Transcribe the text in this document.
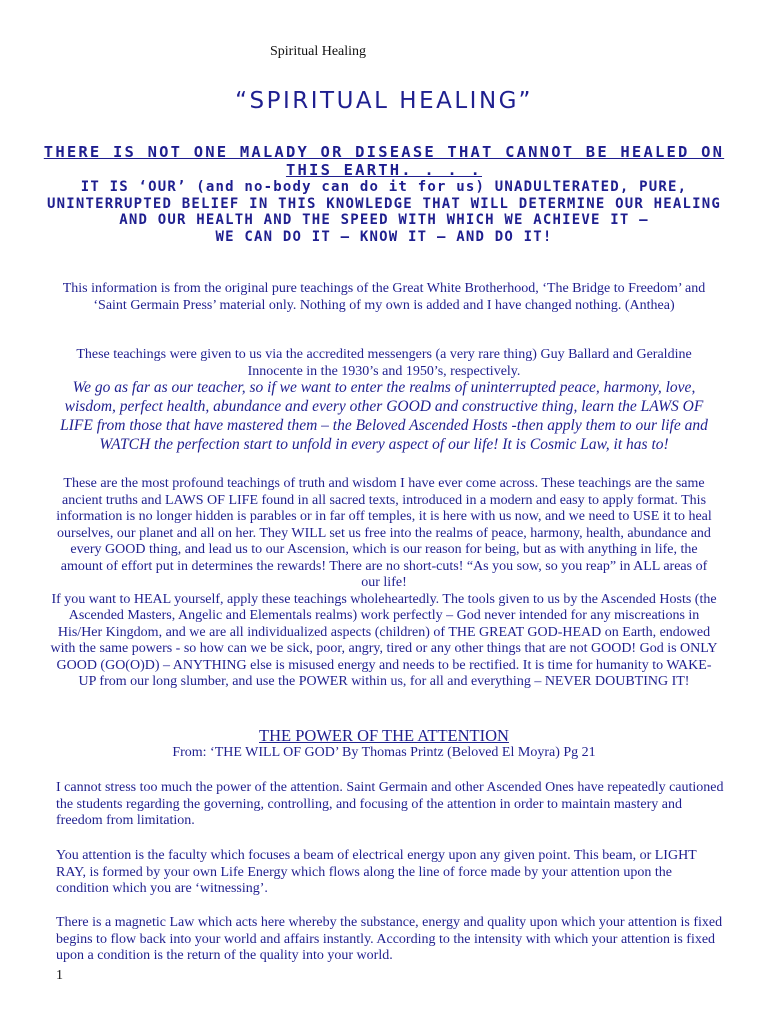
Spiritual Healing
“SPIRITUAL HEALING”
THERE IS NOT ONE MALADY OR DISEASE THAT CANNOT BE HEALED ON THIS EARTH. . . .
IT IS ‘OUR’ (and no-body can do it for us) UNADULTERATED, PURE, UNINTERRUPTED BELIEF IN THIS KNOWLEDGE THAT WILL DETERMINE OUR HEALING AND OUR HEALTH AND THE SPEED WITH WHICH WE ACHIEVE IT –
WE CAN DO IT – KNOW IT – AND DO IT!
This information is from the original pure teachings of the Great White Brotherhood, ‘The Bridge to Freedom’ and ‘Saint Germain Press’ material only. Nothing of my own is added and I have changed nothing. (Anthea)
These teachings were given to us via the accredited messengers (a very rare thing) Guy Ballard and Geraldine Innocente in the 1930’s and 1950’s, respectively.
We go as far as our teacher, so if we want to enter the realms of uninterrupted peace, harmony, love, wisdom, perfect health, abundance and every other GOOD and constructive thing, learn the LAWS OF LIFE from those that have mastered them – the Beloved Ascended Hosts -then apply them to our life and WATCH the perfection start to unfold in every aspect of our life! It is Cosmic Law, it has to!
These are the most profound teachings of truth and wisdom I have ever come across. These teachings are the same ancient truths and LAWS OF LIFE found in all sacred texts, introduced in a modern and easy to apply format. This information is no longer hidden is parables or in far off temples, it is here with us now, and we need to USE it to heal ourselves, our planet and all on her. They WILL set us free into the realms of peace, harmony, health, abundance and every GOOD thing, and lead us to our Ascension, which is our reason for being, but as with anything in life, the amount of effort put in determines the rewards! There are no short-cuts! “As you sow, so you reap” in ALL areas of our life!
If you want to HEAL yourself, apply these teachings wholeheartedly. The tools given to us by the Ascended Hosts (the Ascended Masters, Angelic and Elementals realms) work perfectly – God never intended for any miscreations in His/Her Kingdom, and we are all individualized aspects (children) of THE GREAT GOD-HEAD on Earth, endowed with the same powers - so how can we be sick, poor, angry, tired or any other things that are not GOOD! God is ONLY GOOD (GO(O)D) – ANYTHING else is misused energy and needs to be rectified. It is time for humanity to WAKE-UP from our long slumber, and use the POWER within us, for all and everything – NEVER DOUBTING IT!
THE POWER OF THE ATTENTION
From: ‘THE WILL OF GOD’ By Thomas Printz (Beloved El Moyra) Pg 21
I cannot stress too much the power of the attention. Saint Germain and other Ascended Ones have repeatedly cautioned the students regarding the governing, controlling, and focusing of the attention in order to maintain mastery and freedom from limitation.
You attention is the faculty which focuses a beam of electrical energy upon any given point. This beam, or LIGHT RAY, is formed by your own Life Energy which flows along the line of force made by your attention upon the condition which you are ‘witnessing’.
There is a magnetic Law which acts here whereby the substance, energy and quality upon which your attention is fixed begins to flow back into your world and affairs instantly. According to the intensity with which your attention is fixed upon a condition is the return of the quality into your world.
1
